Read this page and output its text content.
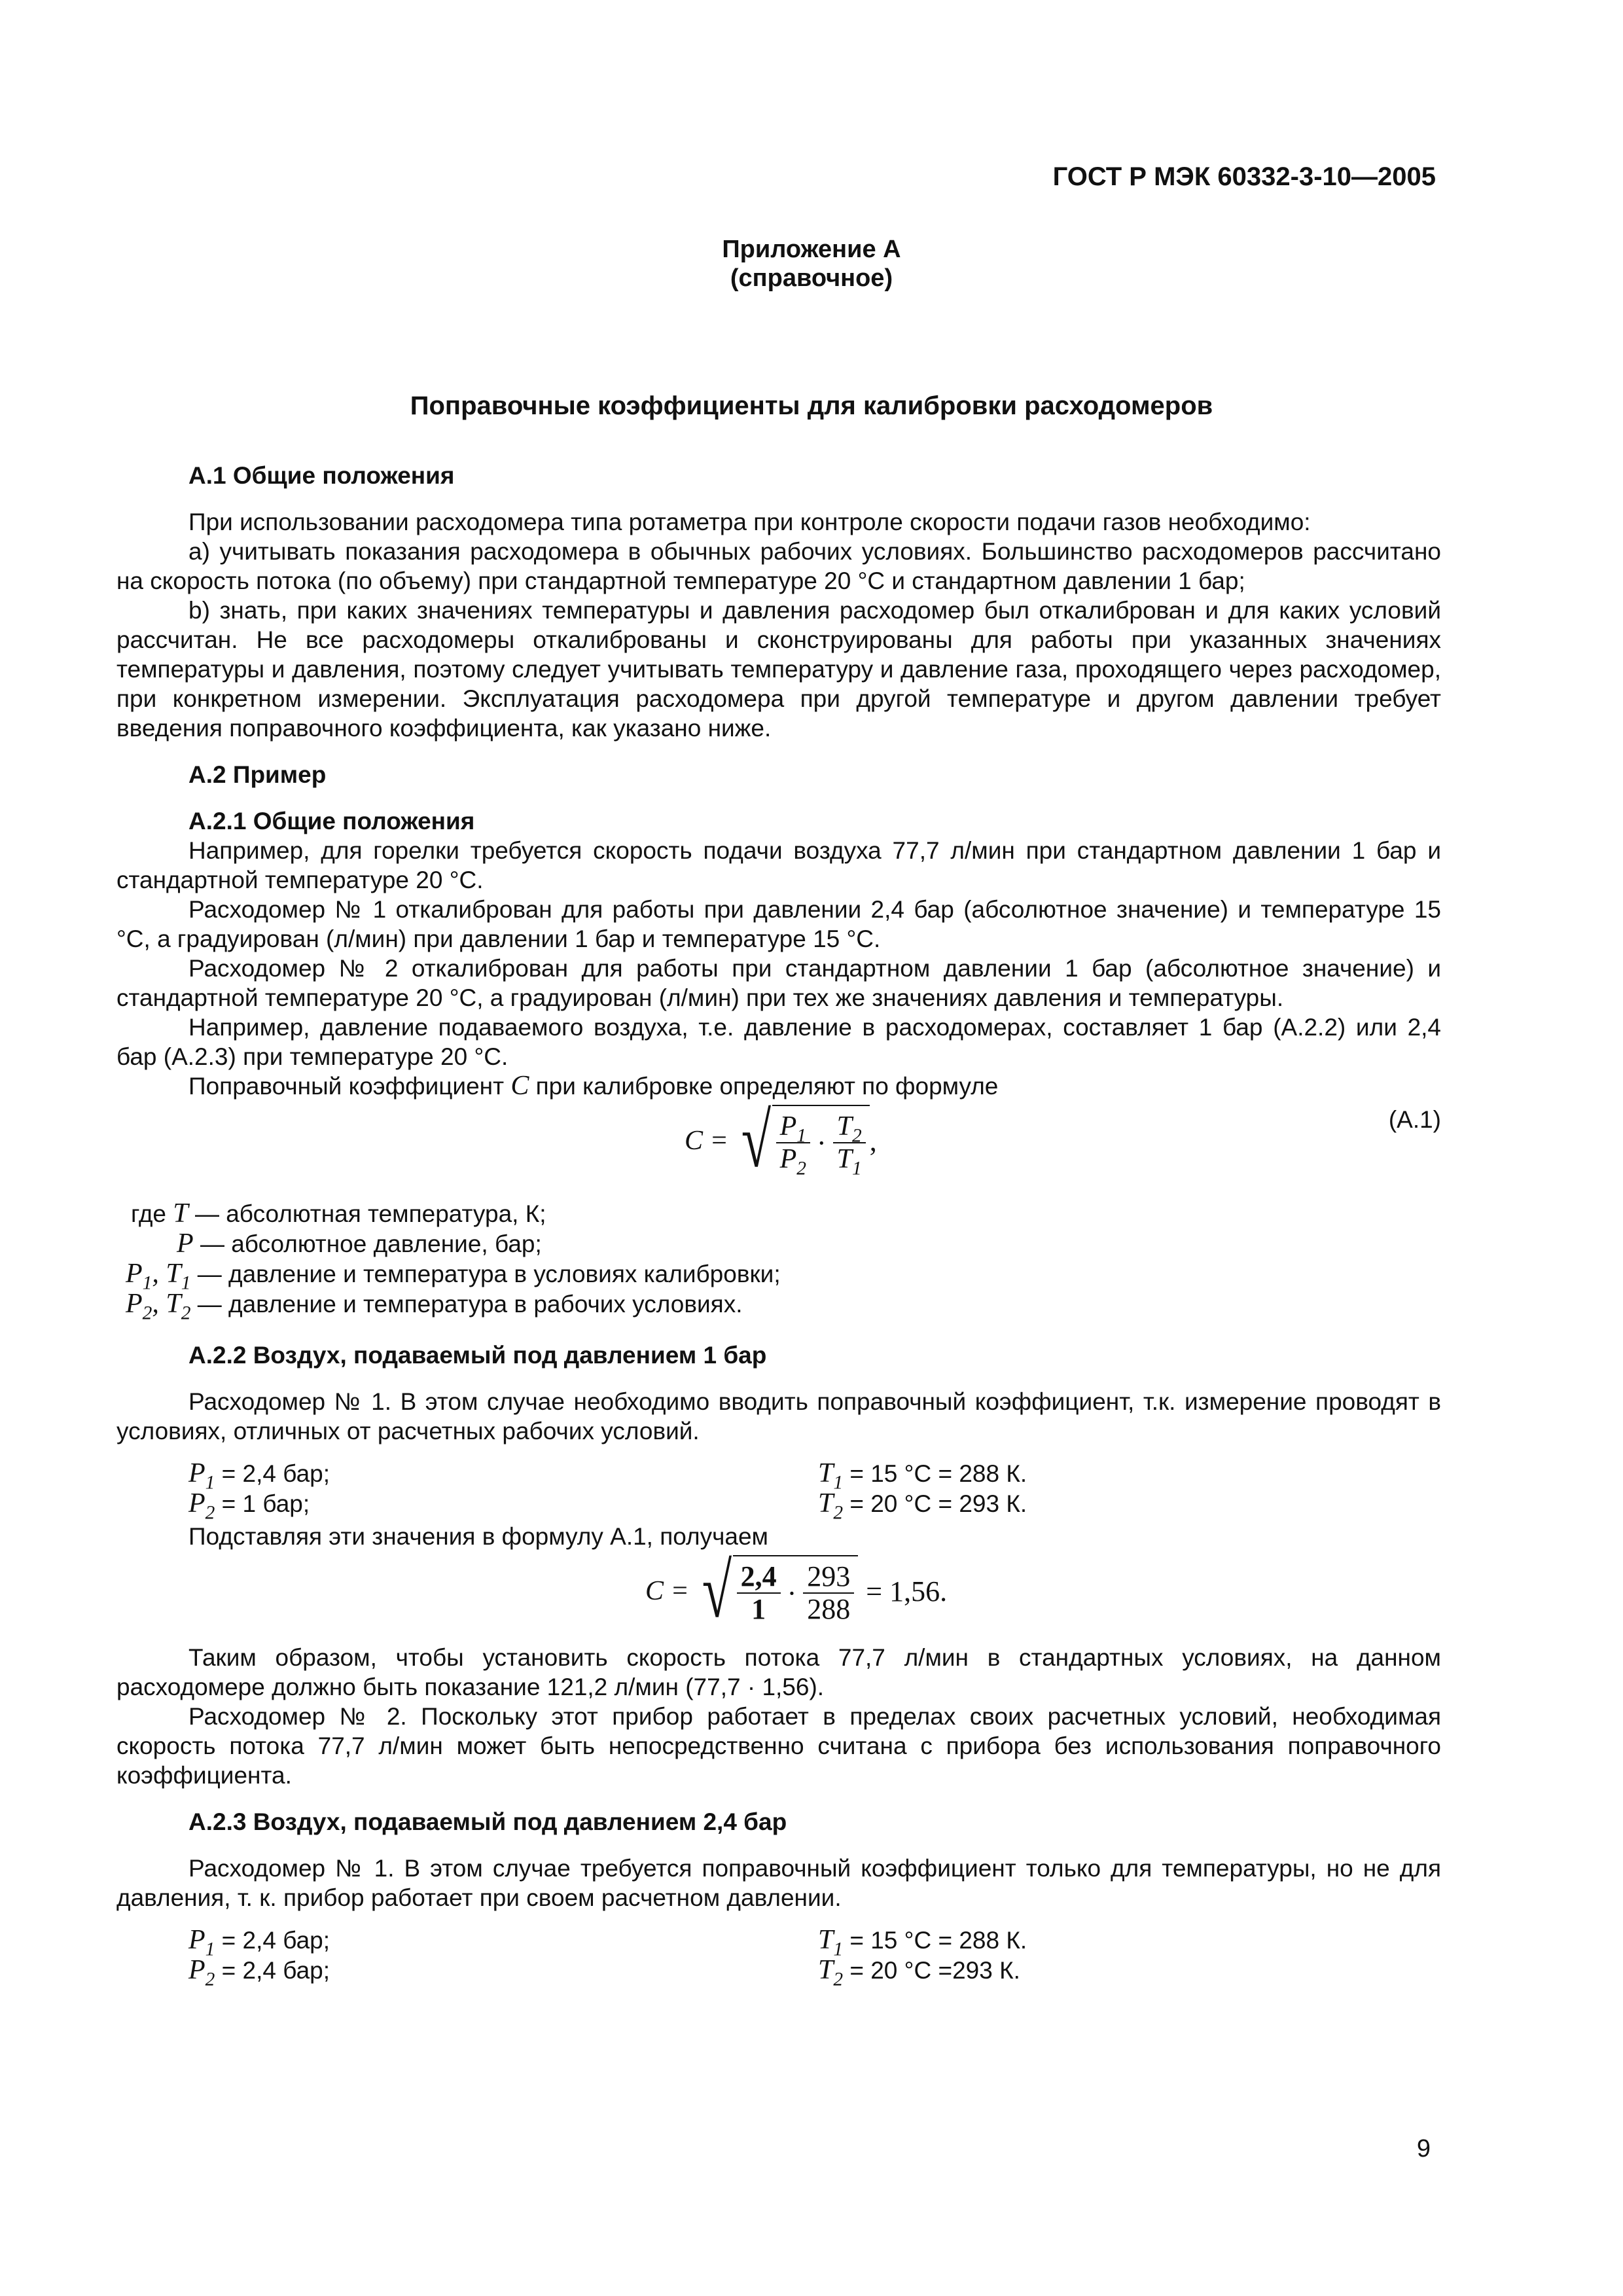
ГОСТ Р МЭК 60332-3-10—2005
Приложение А
(справочное)
Поправочные коэффициенты для калибровки расходомеров

А.1 Общие положения

При использовании расходомера типа ротаметра при контроле скорости подачи газов необходимо:

а) учитывать показания расходомера в обычных рабочих условиях. Большинство расходомеров рассчитано на скорость потока (по объему) при стандартной температуре 20 °С и стандартном давлении 1 бар;

b) знать, при каких значениях температуры и давления расходомер был откалиброван и для каких условий рассчитан. Не все расходомеры откалиброваны и сконструированы для работы при указанных значениях температуры и давления, поэтому следует учитывать температуру и давление газа, проходящего через расходомер, при конкретном измерении. Эксплуатация расходомера при другой температуре и другом давлении требует введения поправочного коэффициента, как указано ниже.

А.2 Пример

А.2.1 Общие положения

Например, для горелки требуется скорость подачи воздуха 77,7 л/мин при стандартном давлении 1 бар и стандартной температуре 20 °С.

Расходомер № 1 откалиброван для работы при давлении 2,4 бар (абсолютное значение) и температуре 15 °С, а градуирован (л/мин) при давлении 1 бар и температуре 15 °С.

Расходомер № 2 откалиброван для работы при стандартном давлении 1 бар (абсолютное значение) и стандартной температуре 20 °С, а градуирован (л/мин) при тех же значениях давления и температуры.

Например, давление подаваемого воздуха, т.е. давление в расходомерах, составляет 1 бар (А.2.2) или 2,4 бар (А.2.3) при температуре 20 °С.

Поправочный коэффициент C при калибровке определяют по формуле

C = √ $\frac{P_1}{P_2} \cdot \frac{T_2}{T_1}$ ,
(А.1)
где T — абсолютная температура, К;
P — абсолютное давление, бар;
$P_1$, $T_1$ — давление и температура в условиях калибровки;
$P_2$, $T_2$ — давление и температура в рабочих условиях.

А.2.2 Воздух, подаваемый под давлением 1 бар

Расходомер № 1. В этом случае необходимо вводить поправочный коэффициент, т.к. измерение проводят в условиях, отличных от расчетных рабочих условий.

$P_1 = 2,4$ бар;
$P_2 = 1$ бар;
$T_1 = 15$ °С = 288 К.
$T_2 = 20$ °С = 293 К.

Подставляя эти значения в формулу А.1, получаем

C = √ $\frac{2,4}{1} \cdot \frac{293}{288} = 1,56$.

Таким образом, чтобы установить скорость потока 77,7 л/мин в стандартных условиях, на данном расходомере должно быть показание 121,2 л/мин (77,7 · 1,56).

Расходомер № 2. Поскольку этот прибор работает в пределах своих расчетных условий, необходимая скорость потока 77,7 л/мин может быть непосредственно считана с прибора без использования поправочного коэффициента.

А.2.3 Воздух, подаваемый под давлением 2,4 бар

Расходомер № 1. В этом случае требуется поправочный коэффициент только для температуры, но не для давления, т. к. прибор работает при своем расчетном давлении.

$P_1 = 2,4$ бар;
$P_2 = 2,4$ бар;
$T_1 = 15$ °С = 288 К.
$T_2 = 20$ °С =293 К.
9
